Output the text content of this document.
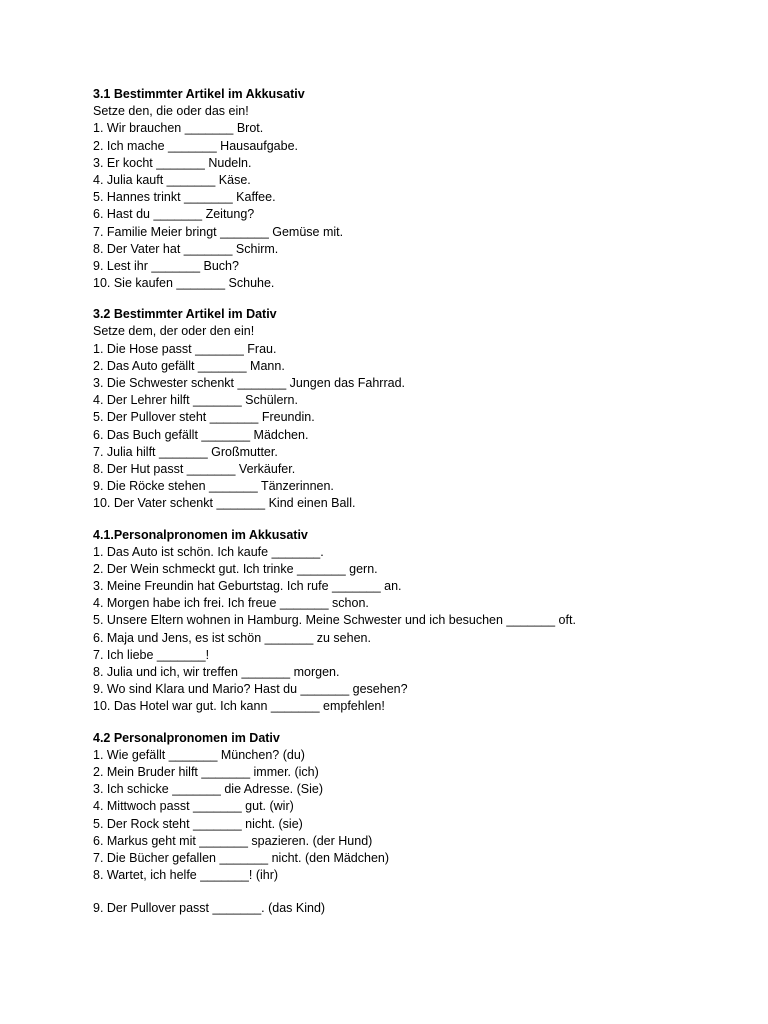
3.1 Bestimmter Artikel im Akkusativ
Setze den, die oder das ein!
1. Wir brauchen _______ Brot.
2. Ich mache _______ Hausaufgabe.
3. Er kocht _______ Nudeln.
4. Julia kauft _______ Käse.
5. Hannes trinkt _______ Kaffee.
6. Hast du _______ Zeitung?
7. Familie Meier bringt _______ Gemüse mit.
8. Der Vater hat _______ Schirm.
9. Lest ihr _______ Buch?
10. Sie kaufen _______ Schuhe.
3.2 Bestimmter Artikel im Dativ
Setze dem, der oder den ein!
1. Die Hose passt _______ Frau.
2. Das Auto gefällt _______ Mann.
3. Die Schwester schenkt _______ Jungen das Fahrrad.
4. Der Lehrer hilft _______ Schülern.
5. Der Pullover steht _______ Freundin.
6. Das Buch gefällt _______ Mädchen.
7. Julia hilft _______ Großmutter.
8. Der Hut passt _______ Verkäufer.
9. Die Röcke stehen _______ Tänzerinnen.
10. Der Vater schenkt _______ Kind einen Ball.
4.1.Personalpronomen im Akkusativ
1. Das Auto ist schön. Ich kaufe _______.
2. Der Wein schmeckt gut. Ich trinke _______ gern.
3. Meine Freundin hat Geburtstag. Ich rufe _______ an.
4. Morgen habe ich frei. Ich freue _______ schon.
5. Unsere Eltern wohnen in Hamburg. Meine Schwester und ich besuchen _______ oft.
6. Maja und Jens, es ist schön _______ zu sehen.
7. Ich liebe _______!
8. Julia und ich, wir treffen _______ morgen.
9. Wo sind Klara und Mario? Hast du _______ gesehen?
10. Das Hotel war gut. Ich kann _______ empfehlen!
4.2 Personalpronomen im Dativ
1. Wie gefällt _______ München? (du)
2. Mein Bruder hilft _______ immer. (ich)
3. Ich schicke _______ die Adresse. (Sie)
4. Mittwoch passt _______ gut. (wir)
5. Der Rock steht _______ nicht. (sie)
6. Markus geht mit _______ spazieren. (der Hund)
7. Die Bücher gefallen _______ nicht. (den Mädchen)
8. Wartet, ich helfe _______! (ihr)
9. Der Pullover passt _______. (das Kind)
